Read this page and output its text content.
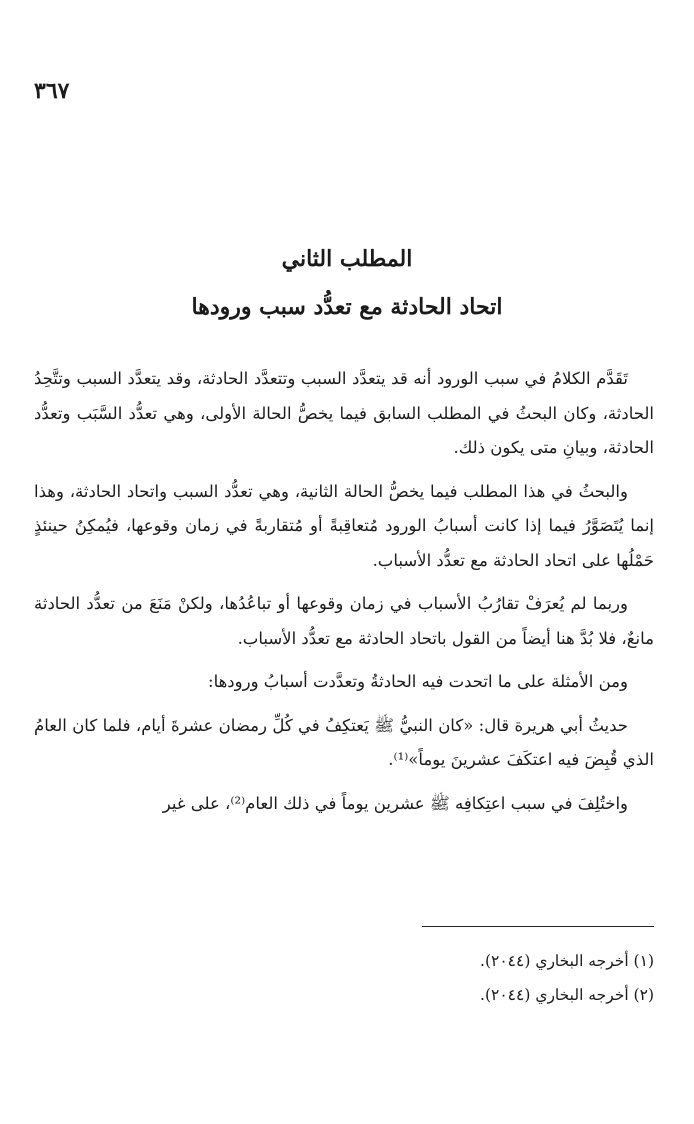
٣٦٧
المطلب الثاني
اتحاد الحادثة مع تعدُّد سبب ورودها

تَقَدَّم الكلامُ في سبب الورود أنه قد يتعدَّد السبب وتتعدَّد الحادثة، وقد يتعدَّد السبب وتتَّحِدُ الحادثة، وكان البحثُ في المطلب السابق فيما يخصُّ الحالة الأولى، وهي تعدُّد السَّبَب وتعدُّد الحادثة، وبيانِ متى يكون ذلك.

والبحثُ في هذا المطلب فيما يخصُّ الحالة الثانية، وهي تعدُّد السبب واتحاد الحادثة، وهذا إنما يُتَصَوَّرُ فيما إذا كانت أسبابُ الورود مُتعاقِبةً أو مُتقاربةً في زمان وقوعها، فيُمكِنُ حينئذٍ حَمْلُها على اتحاد الحادثة مع تعدُّد الأسباب.

وربما لم يُعرَفْ تقارُبُ الأسباب في زمان وقوعها أو تباعُدُها، ولكنْ مَنَعَ من تعدُّد الحادثة مانعٌ، فلا بُدَّ هنا أيضاً من القول باتحاد الحادثة مع تعدُّد الأسباب.

ومن الأمثلة على ما اتحدت فيه الحادثةُ وتعدَّدت أسبابُ ورودها:

حديثُ أبي هريرة قال: «كان النبيُّ ﷺ يَعتكِفُ في كُلِّ رمضان عشرةَ أيام، فلما كان العامُ الذي قُبِضَ فيه اعتكَفَ عشرينَ يوماً»⁽¹⁾.

واختُلِفَ في سبب اعتِكافِه ﷺ عشرين يوماً في ذلك العام⁽²⁾، على غير

(١) أخرجه البخاري (٢٠٤٤).
(٢) أخرجه البخاري (٢٠٤٤).
